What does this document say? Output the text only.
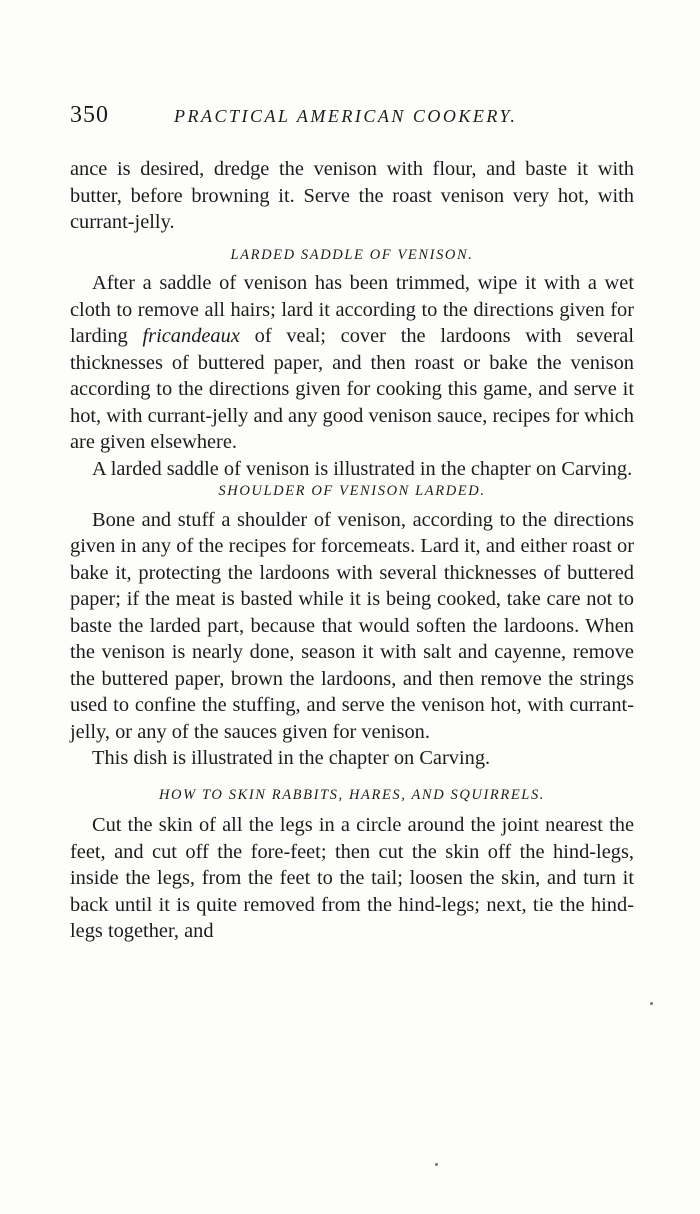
350	PRACTICAL AMERICAN COOKERY.

ance is desired, dredge the venison with flour, and baste it with butter, before browning it. Serve the roast venison very hot, with currant-jelly.

LARDED SADDLE OF VENISON.

After a saddle of venison has been trimmed, wipe it with a wet cloth to remove all hairs; lard it according to the directions given for larding fricandeaux of veal; cover the lardoons with several thicknesses of buttered paper, and then roast or bake the venison according to the directions given for cooking this game, and serve it hot, with currant-jelly and any good venison sauce, recipes for which are given elsewhere.

A larded saddle of venison is illustrated in the chapter on Carving.

SHOULDER OF VENISON LARDED.

Bone and stuff a shoulder of venison, according to the directions given in any of the recipes for forcemeats. Lard it, and either roast or bake it, protecting the lardoons with several thicknesses of buttered paper; if the meat is basted while it is being cooked, take care not to baste the larded part, because that would soften the lardoons. When the venison is nearly done, season it with salt and cayenne, remove the buttered paper, brown the lardoons, and then remove the strings used to confine the stuffing, and serve the venison hot, with currant-jelly, or any of the sauces given for venison.

This dish is illustrated in the chapter on Carving.

HOW TO SKIN RABBITS, HARES, AND SQUIRRELS.

Cut the skin of all the legs in a circle around the joint nearest the feet, and cut off the fore-feet; then cut the skin off the hind-legs, inside the legs, from the feet to the tail; loosen the skin, and turn it back until it is quite removed from the hind-legs; next, tie the hind-legs together, and
